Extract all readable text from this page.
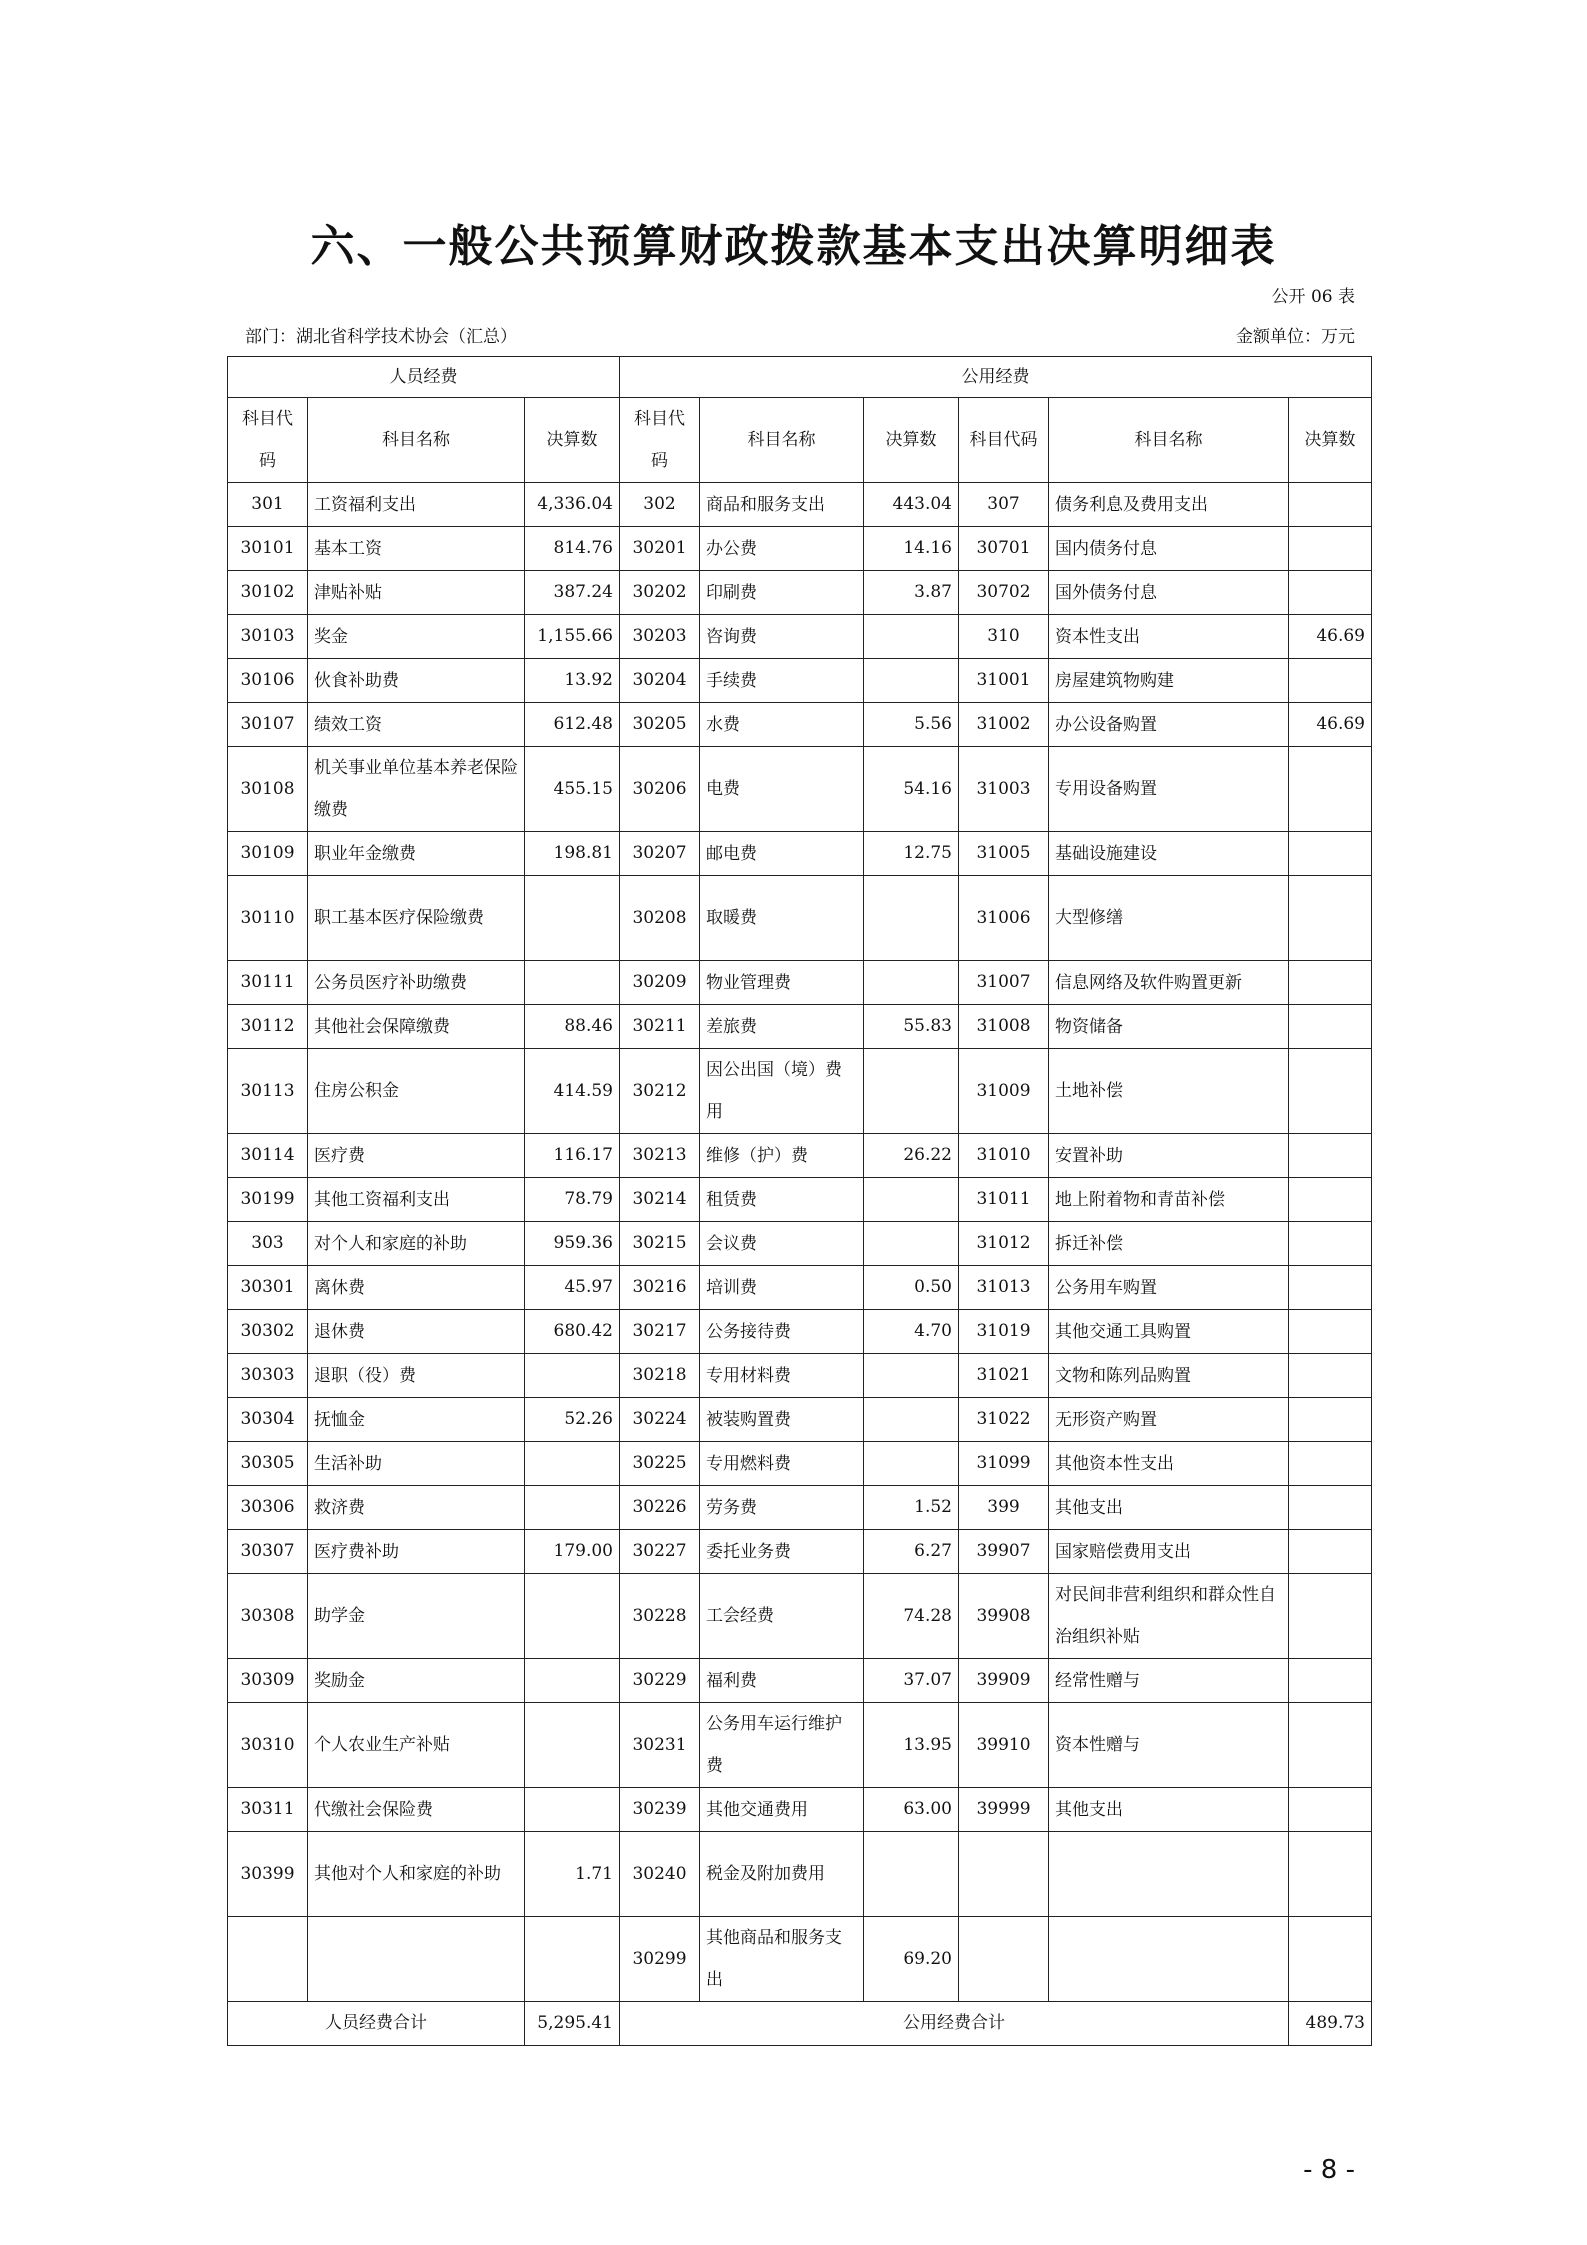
六、一般公共预算财政拨款基本支出决算明细表
公开 06 表
部门：湖北省科学技术协会（汇总）	金额单位：万元
人员经费			公用经费					
科目代码	科目名称	决算数	科目代码	科目名称	决算数	科目代码	科目名称	决算数
301	工资福利支出	4,336.04	302	商品和服务支出	443.04	307	债务利息及费用支出	
30101	基本工资	814.76	30201	办公费	14.16	30701	国内债务付息	
30102	津贴补贴	387.24	30202	印刷费	3.87	30702	国外债务付息	
30103	奖金	1,155.66	30203	咨询费		310	资本性支出	46.69
30106	伙食补助费	13.92	30204	手续费		31001	房屋建筑物购建	
30107	绩效工资	612.48	30205	水费	5.56	31002	办公设备购置	46.69
30108	机关事业单位基本养老保险缴费	455.15	30206	电费	54.16	31003	专用设备购置	
30109	职业年金缴费	198.81	30207	邮电费	12.75	31005	基础设施建设	
30110	职工基本医疗保险缴费		30208	取暖费		31006	大型修缮	
30111	公务员医疗补助缴费		30209	物业管理费		31007	信息网络及软件购置更新	
30112	其他社会保障缴费	88.46	30211	差旅费	55.83	31008	物资储备	
30113	住房公积金	414.59	30212	因公出国（境）费用		31009	土地补偿	
30114	医疗费	116.17	30213	维修（护）费	26.22	31010	安置补助	
30199	其他工资福利支出	78.79	30214	租赁费		31011	地上附着物和青苗补偿	
303	对个人和家庭的补助	959.36	30215	会议费		31012	拆迁补偿	
30301	离休费	45.97	30216	培训费	0.50	31013	公务用车购置	
30302	退休费	680.42	30217	公务接待费	4.70	31019	其他交通工具购置	
30303	退职（役）费		30218	专用材料费		31021	文物和陈列品购置	
30304	抚恤金	52.26	30224	被装购置费		31022	无形资产购置	
30305	生活补助		30225	专用燃料费		31099	其他资本性支出	
30306	救济费		30226	劳务费	1.52	399	其他支出	
30307	医疗费补助	179.00	30227	委托业务费	6.27	39907	国家赔偿费用支出	
30308	助学金		30228	工会经费	74.28	39908	对民间非营利组织和群众性自治组织补贴	
30309	奖励金		30229	福利费	37.07	39909	经常性赠与	
30310	个人农业生产补贴		30231	公务用车运行维护费	13.95	39910	资本性赠与	
30311	代缴社会保险费		30239	其他交通费用	63.00	39999	其他支出	
30399	其他对个人和家庭的补助	1.71	30240	税金及附加费用				
			30299	其他商品和服务支出	69.20			
人员经费合计		5,295.41	公用经费合计					489.73
- 8 -
